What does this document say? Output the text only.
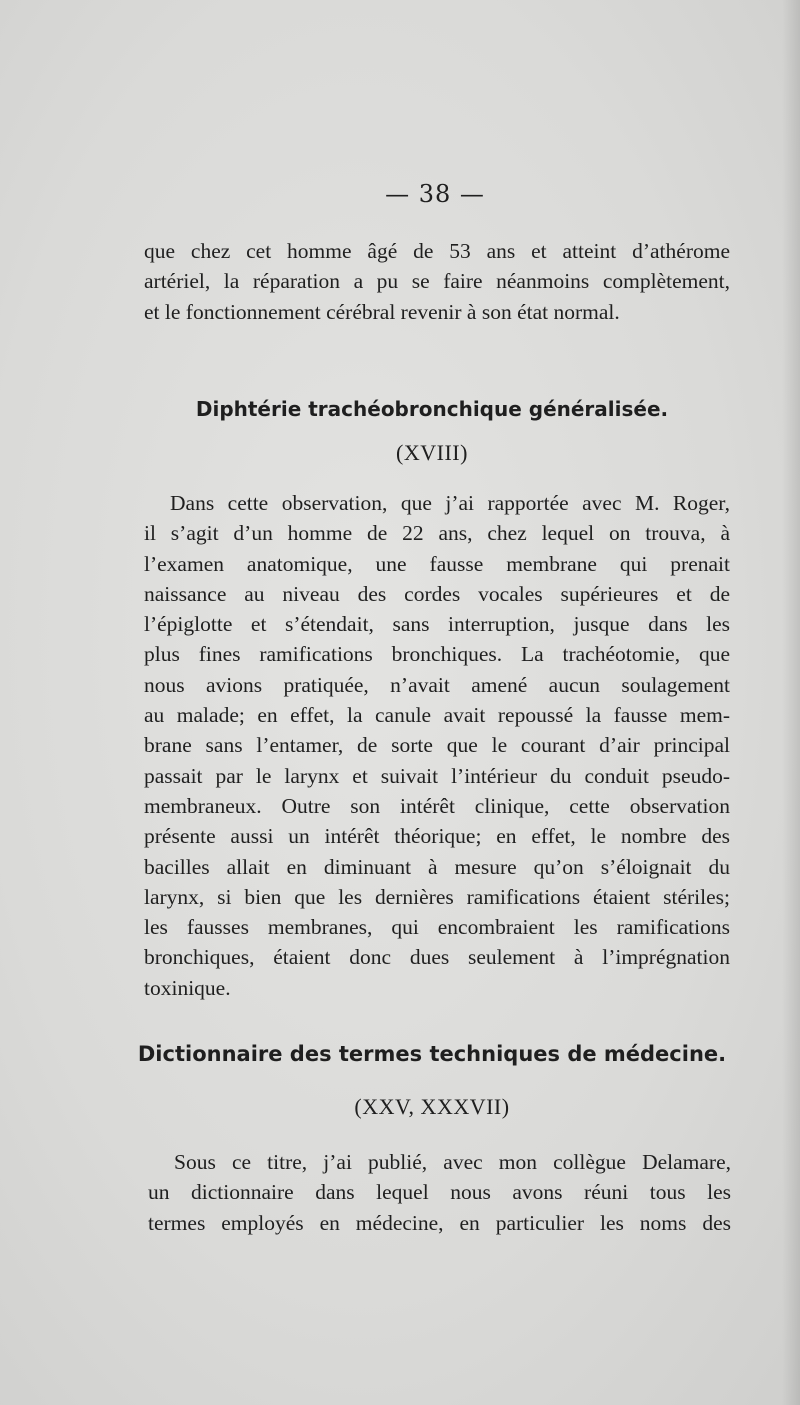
— 38 —
que chez cet homme âgé de 53 ans et atteint d’athérome
artériel, la réparation a pu se faire néanmoins complètement,
et le fonctionnement cérébral revenir à son état normal.
Diphtérie trachéobronchique généralisée.
(XVIII)
Dans cette observation, que j’ai rapportée avec M. Roger,
il s’agit d’un homme de 22 ans, chez lequel on trouva, à
l’examen anatomique, une fausse membrane qui prenait
naissance au niveau des cordes vocales supérieures et de
l’épiglotte et s’étendait, sans interruption, jusque dans les
plus fines ramifications bronchiques. La trachéotomie, que
nous avions pratiquée, n’avait amené aucun soulagement
au malade; en effet, la canule avait repoussé la fausse mem-
brane sans l’entamer, de sorte que le courant d’air principal
passait par le larynx et suivait l’intérieur du conduit pseudo-
membraneux. Outre son intérêt clinique, cette observation
présente aussi un intérêt théorique; en effet, le nombre des
bacilles allait en diminuant à mesure qu’on s’éloignait du
larynx, si bien que les dernières ramifications étaient stériles;
les fausses membranes, qui encombraient les ramifications
bronchiques, étaient donc dues seulement à l’imprégnation
toxinique.
Dictionnaire des termes techniques de médecine.
(XXV, XXXVII)
Sous ce titre, j’ai publié, avec mon collègue Delamare,
un dictionnaire dans lequel nous avons réuni tous les
termes employés en médecine, en particulier les noms des
